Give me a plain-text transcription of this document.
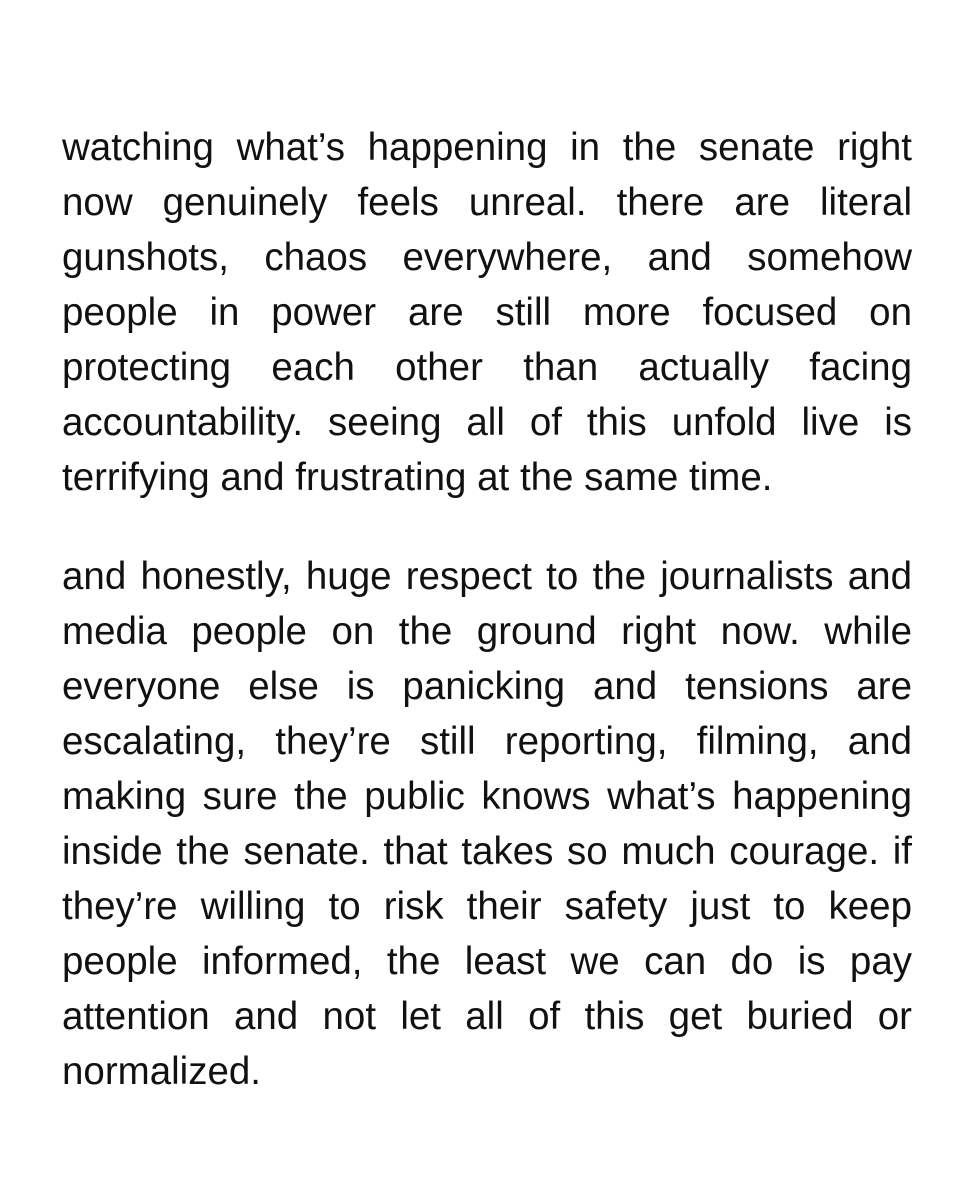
watching what’s happening in the senate right now genuinely feels unreal. there are literal gunshots, chaos everywhere, and somehow people in power are still more focused on protecting each other than actually facing accountability. seeing all of this unfold live is terrifying and frustrating at the same time.

and honestly, huge respect to the journalists and media people on the ground right now. while everyone else is panicking and tensions are escalating, they’re still reporting, filming, and making sure the public knows what’s happening inside the senate. that takes so much courage. if they’re willing to risk their safety just to keep people informed, the least we can do is pay attention and not let all of this get buried or normalized.
